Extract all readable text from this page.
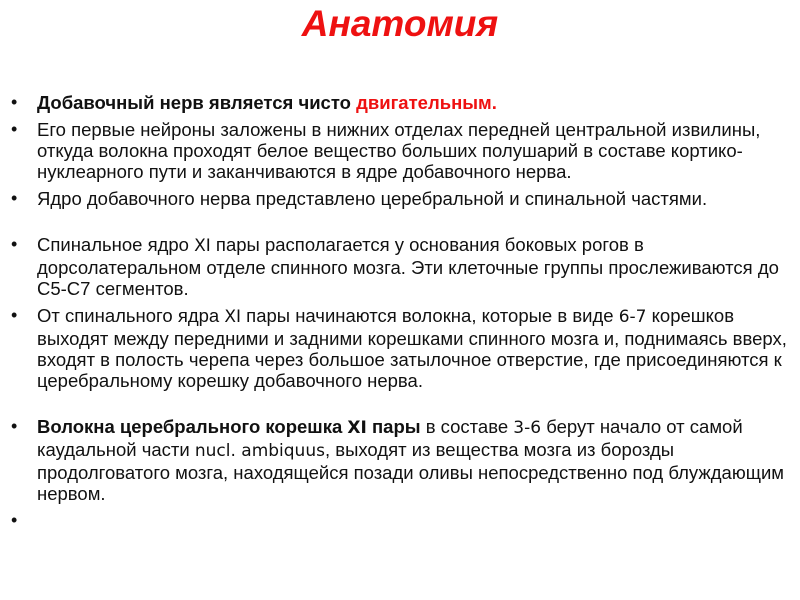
Анатомия
• Добавочный нерв является чисто двигательным.
• Его первые нейроны заложены в нижних отделах передней центральной извилины, откуда волокна проходят белое вещество больших полушарий в составе кортико-нуклеарного пути и заканчиваются в ядре добавочного нерва.
• Ядро добавочного нерва представлено церебральной и спинальной частями.
• Спинальное ядро XI пары располагается у основания боковых рогов в дорсолатеральном отделе спинного мозга. Эти клеточные группы прослеживаются до С5-С7 сегментов.
• От спинального ядра XI пары начинаются волокна, которые в виде 6-7 корешков выходят между передними и задними корешками спинного мозга и, поднимаясь вверх, входят в полость черепа через большое затылочное отверстие, где присоединяются к церебральному корешку добавочного нерва.
• Волокна церебрального корешка XI пары в составе 3-6 берут начало от самой каудальной части nucl. ambiquus, выходят из вещества мозга из борозды продолговатого мозга, находящейся позади оливы непосредственно под блуждающим нервом.
•
